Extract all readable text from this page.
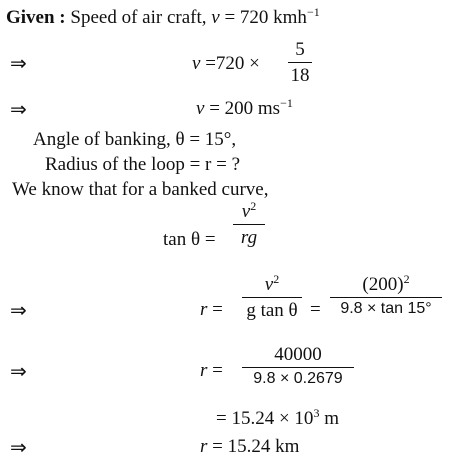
Given : Speed of air craft, v = 720 kmh$^{-1}$
⇒	v =720 ×
5
18
⇒	v = 200 $ms^{-1}$
Angle of banking, θ = 15°,
Radius of the loop = r = ?
We know that for a banked curve,
tan θ =
$v^2$
rg
⇒	r =
$v^2$
g tan θ =
$(200)^2$
9.8 × tan 15°
⇒	r =
40000
9.8 × 0.2679
= $15.24 \times 10^3$ m
⇒	r = 15.24 km
